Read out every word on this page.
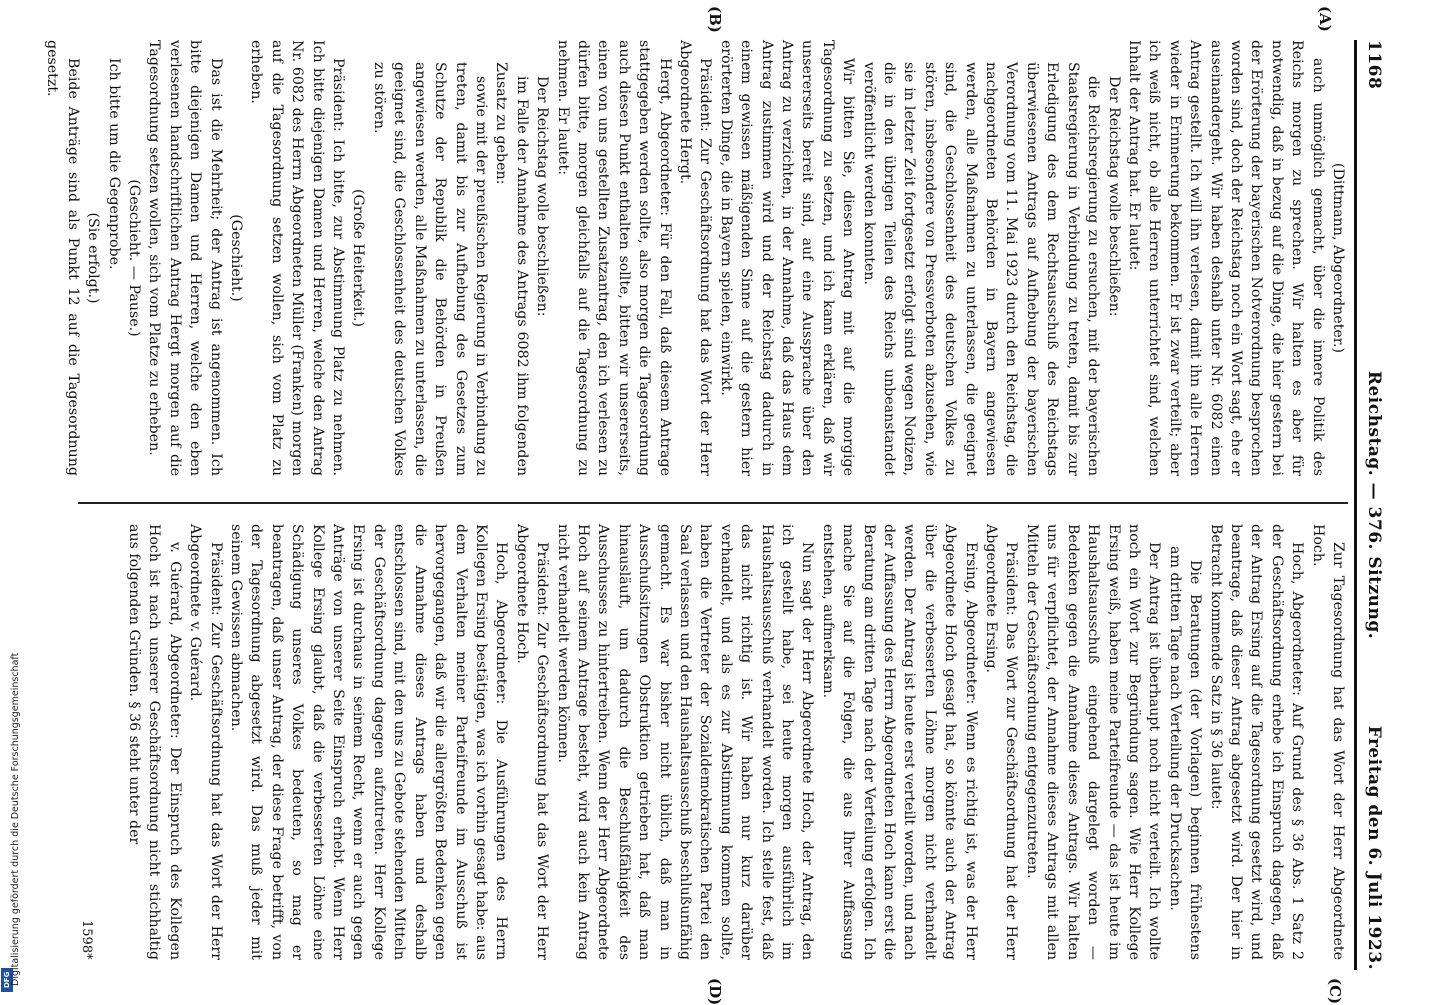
1168
Reichstag. — 376. Sitzung.
Freitag den 6. Juli 1923.
(A)
(B)
(C)
(D)

(Dittmann, Abgeordneter.)

auch unmöglich gemacht, über die innere Politik des Reichs morgen zu sprechen. Wir halten es aber für notwendig, daß in bezug auf die Dinge, die hier gestern bei der Erörterung der bayerischen Notverordnung besprochen worden sind, doch der Reichstag noch ein Wort sagt, ehe er auseinandergeht. Wir haben deshalb unter Nr. 6082 einen Antrag gestellt. Ich will ihn verlesen, damit ihn alle Herren wieder in Erinnerung bekommen. Er ist zwar verteilt; aber ich weiß nicht, ob alle Herren unterrichtet sind, welchen Inhalt der Antrag hat. Er lautet:

Der Reichstag wolle beschließen:

die Reichsregierung zu ersuchen, mit der bayerischen Staatsregierung in Verbindung zu treten, damit bis zur Erledigung des dem Rechtsausschuß des Reichstags überwiesenen Antrags auf Aufhebung der bayerischen Verordnung vom 11. Mai 1923 durch den Reichstag, die nachgeordneten Behörden in Bayern angewiesen werden, alle Maßnahmen zu unterlassen, die geeignet sind, die Geschlossenheit des deutschen Volkes zu stören, insbesondere von Pressverboten abzusehen, wie sie in letzter Zeit fortgesetzt erfolgt sind wegen Notizen, die in den übrigen Teilen des Reichs unbeanstandet veröffentlicht werden konnten.

Wir bitten Sie, diesen Antrag mit auf die morgige Tagesordnung zu setzen, und ich kann erklären, daß wir unsererseits bereit sind, auf eine Aussprache über den Antrag zu verzichten, in der Annahme, daß das Haus dem Antrag zustimmen wird und der Reichstag dadurch in einem gewissen mäßigenden Sinne auf die gestern hier erörterten Dinge, die in Bayern spielen, einwirkt.

Präsident: Zur Geschäftsordnung hat das Wort der Herr Abgeordnete Hergt.

Hergt, Abgeordneter: Für den Fall, daß diesem Antrage stattgegeben werden sollte, also morgen die Tagesordnung auch diesen Punkt enthalten sollte, bitten wir unsererseits, einen von uns gestellten Zusatzantrag, den ich verlesen zu dürfen bitte, morgen gleichfalls auf die Tagesordnung zu nehmen. Er lautet:

Der Reichstag wolle beschließen:

im Falle der Annahme des Antrags 6082 ihm folgenden Zusatz zu geben:

sowie mit der preußischen Regierung in Verbindung zu treten, damit bis zur Aufhebung des Gesetzes zum Schutze der Republik die Behörden in Preußen angewiesen werden, alle Maßnahmen zu unterlassen, die geeignet sind, die Geschlossenheit des deutschen Volkes zu stören.

(Große Heiterkeit.)

Präsident: Ich bitte, zur Abstimmung Platz zu nehmen. Ich bitte diejenigen Damen und Herren, welche den Antrag Nr. 6082 des Herrn Abgeordneten Müller (Franken) morgen auf die Tagesordnung setzen wollen, sich vom Platz zu erheben.

(Geschieht.)

Das ist die Mehrheit; der Antrag ist angenommen. Ich bitte diejenigen Damen und Herren, welche den eben verlesenen handschriftlichen Antrag Hergt morgen auf die Tagesordnung setzen wollen, sich vom Platze zu erheben.

(Geschieht. — Pause.)

Ich bitte um die Gegenprobe.

(Sie erfolgt.)

Beide Anträge sind als Punkt 12 auf die Tagesordnung gesetzt.

Zur Tagesordnung hat das Wort der Herr Abgeordnete Hoch.

Hoch, Abgeordneter: Auf Grund des § 36 Abs. 1 Satz 2 der Geschäftsordnung erhebe ich Einspruch dagegen, daß der Antrag Ersing auf die Tagesordnung gesetzt wird, und beantrage, daß dieser Antrag abgesetzt wird. Der hier in Betracht kommende Satz in § 36 lautet:

Die Beratungen (der Vorlagen) beginnen frühestens am dritten Tage nach Verteilung der Drucksachen.

Der Antrag ist überhaupt noch nicht verteilt. Ich wollte noch ein Wort zur Begründung sagen. Wie Herr Kollege Ersing weiß, haben meine Parteifreunde — das ist heute im Haushaltsausschuß eingehend dargelegt worden — Bedenken gegen die Annahme dieses Antrags. Wir halten uns für verpflichtet, der Annahme dieses Antrags mit allen Mitteln der Geschäftsordnung entgegenzutreten.

Präsident: Das Wort zur Geschäftsordnung hat der Herr Abgeordnete Ersing.

Ersing, Abgeordneter: Wenn es richtig ist, was der Herr Abgeordnete Hoch gesagt hat, so könnte auch der Antrag über die verbesserten Löhne morgen nicht verhandelt werden. Der Antrag ist heute erst verteilt worden, und nach der Auffassung des Herrn Abgeordneten Hoch kann erst die Beratung am dritten Tage nach der Verteilung erfolgen. Ich mache Sie auf die Folgen, die aus Ihrer Auffassung entstehen, aufmerksam.

Nun sagt der Herr Abgeordnete Hoch, der Antrag, den ich gestellt habe, sei heute morgen ausführlich im Haushaltsausschuß verhandelt worden. Ich stelle fest, daß das nicht richtig ist. Wir haben nur kurz darüber verhandelt, und als es zur Abstimmung kommen sollte, haben die Vertreter der Sozialdemokratischen Partei den Saal verlassen und den Haushaltsausschuß beschlußunfähig gemacht. Es war bisher nicht üblich, daß man in Ausschußsitzungen Obstruktion getrieben hat, daß man hinausläuft, um dadurch die Beschlußfähigkeit des Ausschusses zu hintertreiben. Wenn der Herr Abgeordnete Hoch auf seinem Antrage besteht, wird auch kein Antrag nicht verhandelt werden können.

Präsident: Zur Geschäftsordnung hat das Wort der Herr Abgeordnete Hoch.

Hoch, Abgeordneter: Die Ausführungen des Herrn Kollegen Ersing bestätigen, was ich vorhin gesagt habe: aus dem Verhalten meiner Parteifreunde im Ausschuß ist hervorgegangen, daß wir die allergrößten Bedenken gegen die Annahme dieses Antrags haben und deshalb entschlossen sind, mit den uns zu Gebote stehenden Mitteln der Geschäftsordnung dagegen aufzutreten. Herr Kollege Ersing ist durchaus in seinem Recht, wenn er auch gegen Anträge von unserer Seite Einspruch erhebt. Wenn Herr Kollege Ersing glaubt, daß die verbesserten Löhne eine Schädigung unseres Volkes bedeuten, so mag er beantragen, daß unser Antrag, der diese Frage betrifft, von der Tagesordnung abgesetzt wird. Das muß jeder mit seinem Gewissen abmachen.

Präsident: Zur Geschäftsordnung hat das Wort der Herr Abgeordnete v. Guérard.

v. Guérard, Abgeordneter: Der Einspruch des Kollegen Hoch ist nach unserer Geschäftsordnung nicht stichhaltig aus folgenden Gründen. § 36 steht unter der

1598*
DFG Digitalisierung gefördert durch die Deutsche Forschungsgemeinschaft
